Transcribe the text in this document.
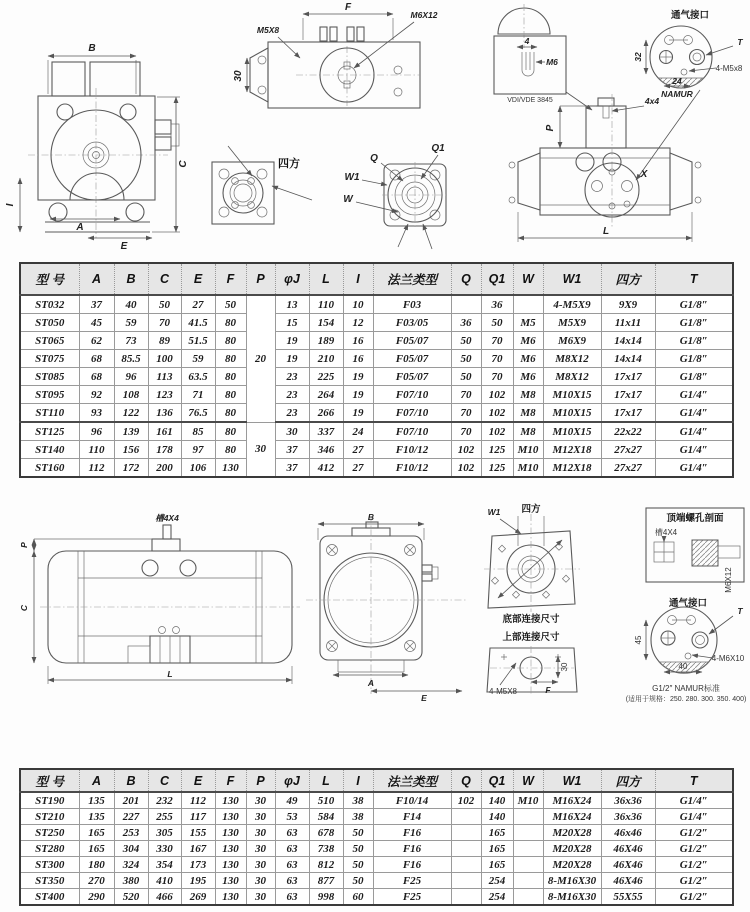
B
I
C
A
E
F
M5X8
30
M6X12
四方	Q
Q1
W1
W
4
M6
VDI/VDE 3845
通气接口
32
24
NAMUR
T
4-M5x8
4x4
P
X
L
型 号	A	B	C	E	F	P	φJ	L	I	法兰类型	Q	Q1	W	W1	四方	T
ST032	37	40	50	27	50	20	13	110	10	F03		36		4-M5X9	9X9	G1/8″
ST050	45	59	70	41.5	80		15	154	12	F03/05	36	50	M5	M5X9	11x11	G1/8″
ST065	62	73	89	51.5	80		19	189	16	F05/07	50	70	M6	M6X9	14x14	G1/8″
ST075	68	85.5	100	59	80		19	210	16	F05/07	50	70	M6	M8X12	14x14	G1/8″
ST085	68	96	113	63.5	80		23	225	19	F05/07	50	70	M6	M8X12	17x17	G1/8″
ST095	92	108	123	71	80		23	264	19	F07/10	70	102	M8	M10X15	17x17	G1/4″
ST110	93	122	136	76.5	80		23	266	19	F07/10	70	102	M8	M10X15	17x17	G1/4″
ST125	96	139	161	85	80	30	30	337	24	F07/10	70	102	M8	M10X15	22x22	G1/4″
ST140	110	156	178	97	80		37	346	27	F10/12	102	125	M10	M12X18	27x27	G1/4″
ST160	112	172	200	106	130		37	412	27	F10/12	102	125	M10	M12X18	27x27	G1/4″
槽4X4
P
C
L
B
A
E
四方
W1
底部连接尺寸
上部连接尺寸
30
F
4-M5X8
顶端螺孔剖面
槽4X4
M6X12
通气接口
45
40
T
4-M6X10
G1/2″ NAMUR标准
(适用于规格：250. 280. 300. 350. 400)
型 号	A	B	C	E	F	P	φJ	L	I	法兰类型	Q	Q1	W	W1	四方	T
ST190	135	201	232	112	130	30	49	510	38	F10/14	102	140	M10	M16X24	36x36	G1/4″
ST210	135	227	255	117	130	30	53	584	38	F14		140		M16X24	36x36	G1/4″
ST250	165	253	305	155	130	30	63	678	50	F16		165		M20X28	46x46	G1/2″
ST280	165	304	330	167	130	30	63	738	50	F16		165		M20X28	46X46	G1/2″
ST300	180	324	354	173	130	30	63	812	50	F16		165		M20X28	46X46	G1/2″
ST350	270	380	410	195	130	30	63	877	50	F25		254		8-M16X30	46X46	G1/2″
ST400	290	520	466	269	130	30	63	998	60	F25		254		8-M16X30	55X55	G1/2″
